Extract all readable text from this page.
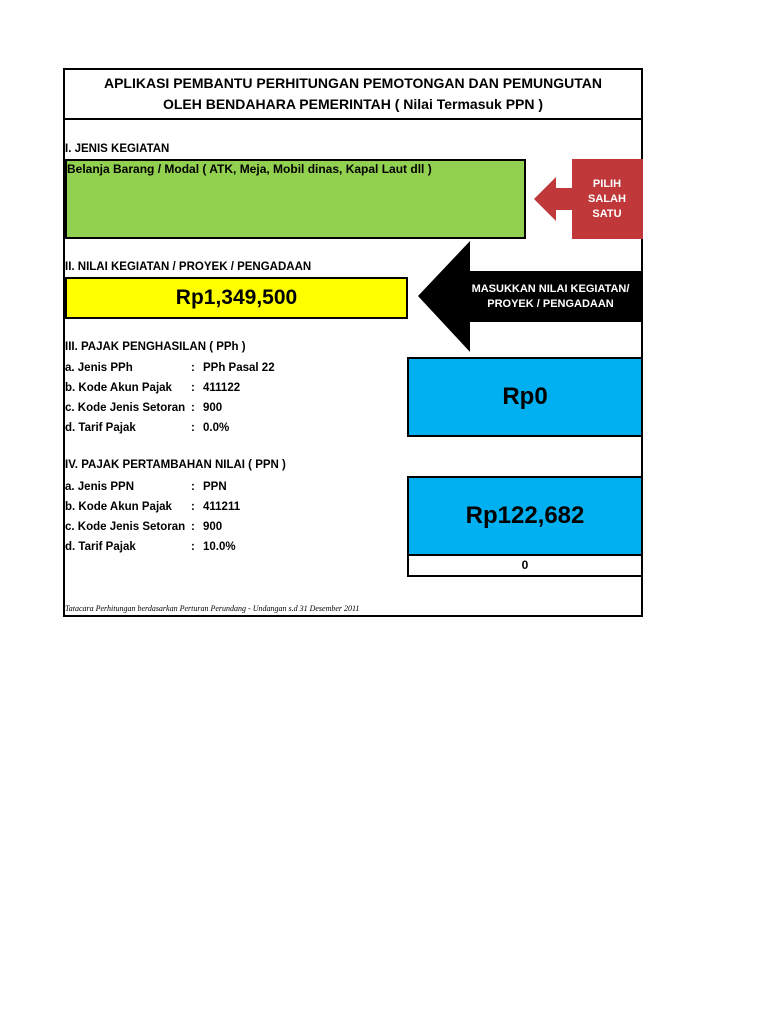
APLIKASI PEMBANTU PERHITUNGAN PEMOTONGAN DAN PEMUNGUTAN
OLEH BENDAHARA PEMERINTAH ( Nilai Termasuk PPN )
I. JENIS KEGIATAN
Belanja Barang / Modal ( ATK, Meja, Mobil dinas, Kapal Laut dll )
PILIH
SALAH
SATU
II. NILAI KEGIATAN / PROYEK / PENGADAAN
Rp1,349,500	MASUKKAN NILAI KEGIATAN/
PROYEK / PENGADAAN
III. PAJAK PENGHASILAN ( PPh )
a. Jenis PPh	: PPh Pasal 22
b. Kode Akun Pajak : 411122
c. Kode Jenis Setoran : 900
d. Tarif Pajak	: 0.0%
Rp0
IV. PAJAK PERTAMBAHAN NILAI ( PPN )
a. Jenis PPN	: PPN
b. Kode Akun Pajak : 411211
c. Kode Jenis Setoran : 900
d. Tarif Pajak	: 10.0%
Rp122,682
0
Tatacara Perhitungan berdasarkan Perturan Perundang - Undangan s.d 31 Desember 2011
